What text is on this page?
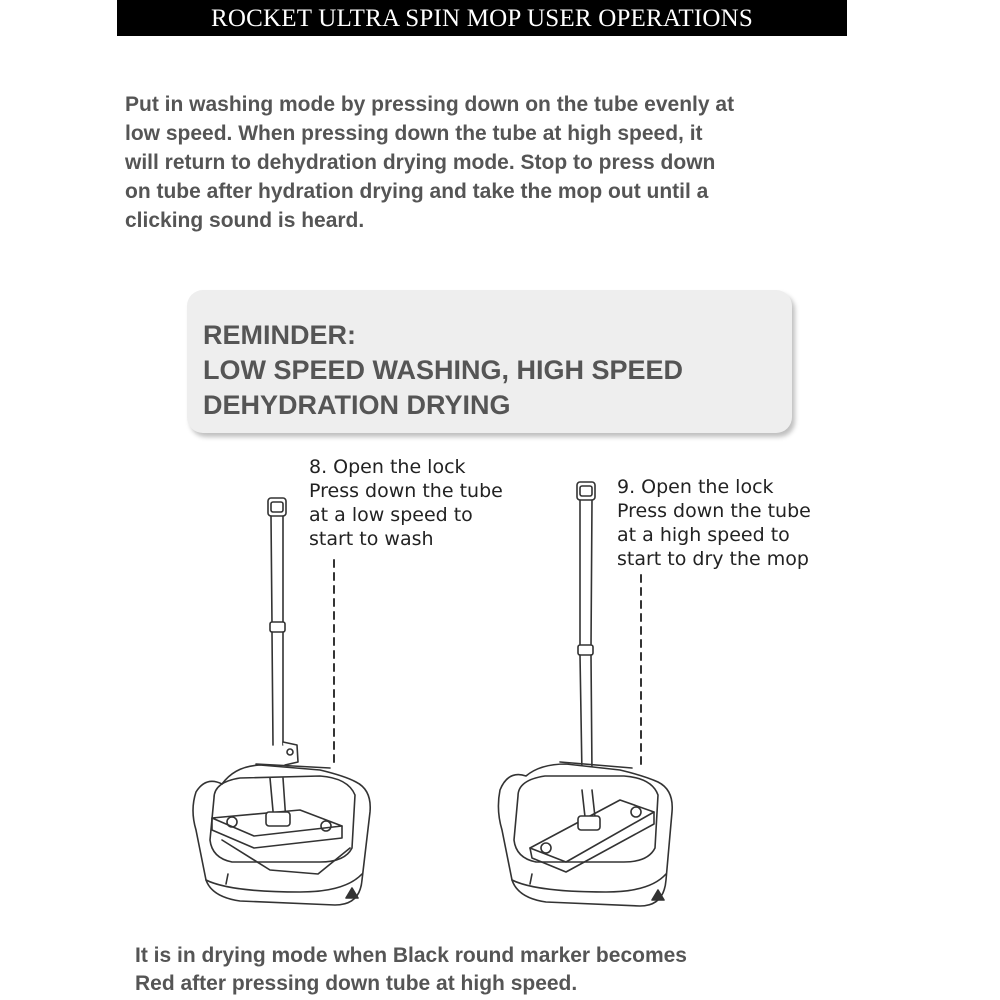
ROCKET ULTRA SPIN MOP USER OPERATIONS

Put in washing mode by pressing down on the tube evenly at

low speed. When pressing down the tube at high speed, it

will return to dehydration drying mode. Stop to press down

on tube after hydration drying and take the mop out until a

clicking sound is heard.

REMINDER:
LOW SPEED WASHING, HIGH SPEED
DEHYDRATION DRYING
8. Open the lock
Press down the tube
at a low speed to
start to wash
9. Open the lock
Press down the tube
at a high speed to
start to dry the mop

It is in drying mode when Black round marker becomes

Red after pressing down tube at high speed.
